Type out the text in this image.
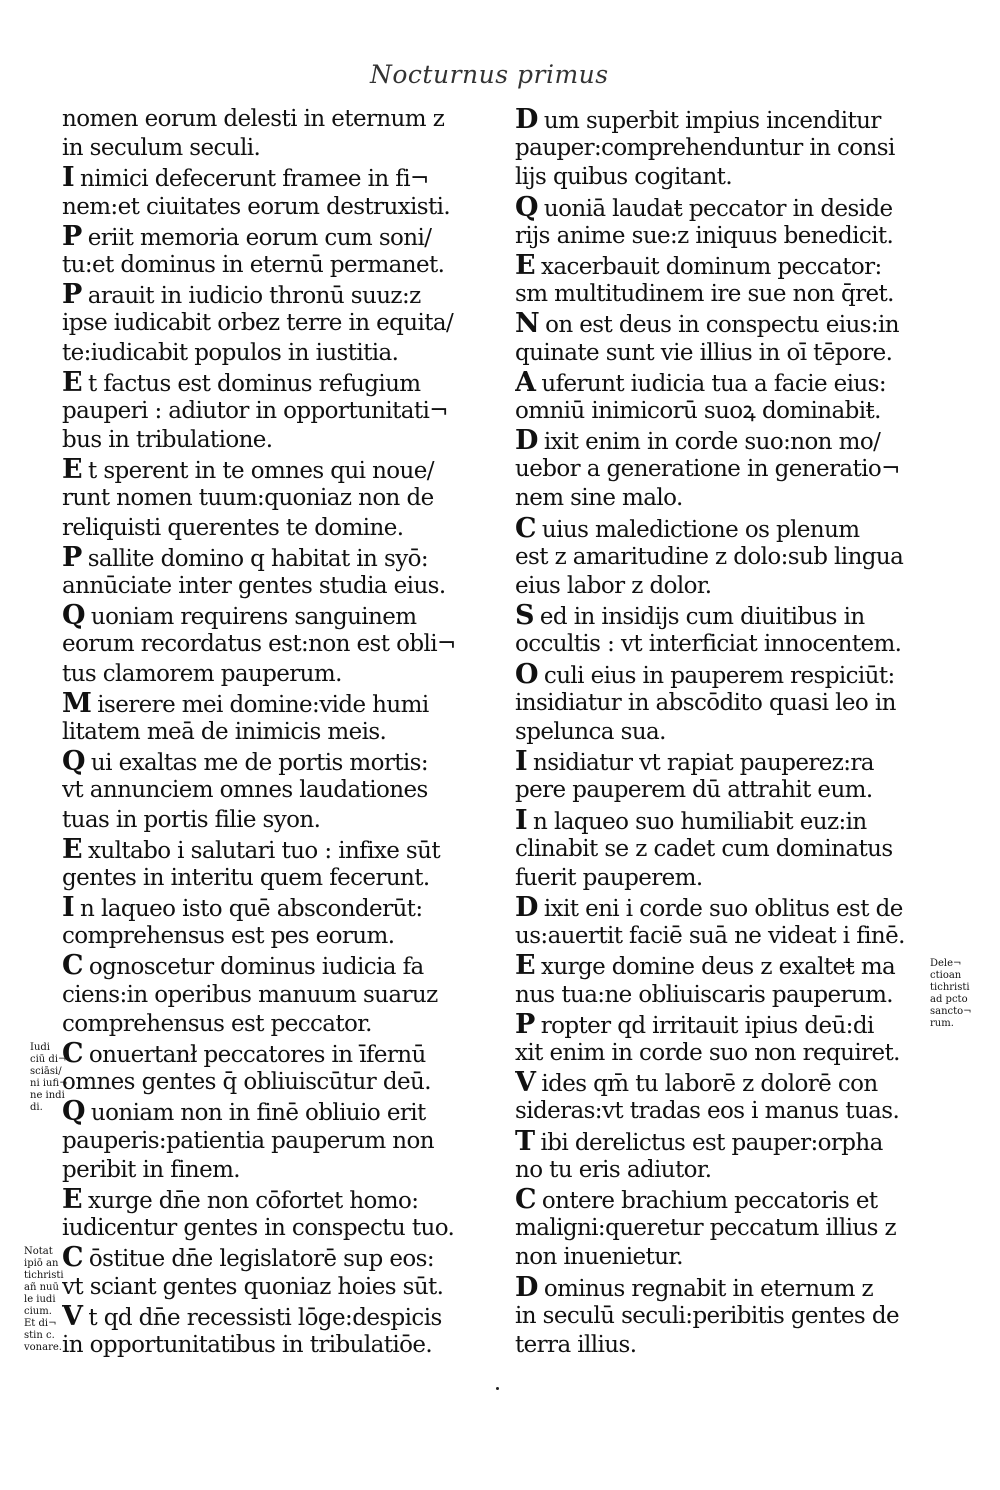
Nocturnus primus
nomen eorum delesti in eternum z
in seculum seculi.
I nimici defecerunt framee in fi¬
nem:et ciuitates eorum destruxisti.
P eriit memoria eorum cum soni/
tu:et dominus in eternū permanet.
P arauit in iudicio thronū suuz:z
ipse iudicabit orbez terre in equita/
te:iudicabit populos in iustitia.
E t factus est dominus refugium
pauperi : adiutor in opportunitati¬
bus in tribulatione.
E t sperent in te omnes qui noue/
runt nomen tuum:quoniaz non de
reliquisti querentes te domine.
P sallite domino q habitat in syō:
annūciate inter gentes studia eius.
Q uoniam requirens sanguinem
eorum recordatus est:non est obli¬
tus clamorem pauperum.
M iserere mei domine:vide humi
litatem meā de inimicis meis.
Q ui exaltas me de portis mortis:
vt annunciem omnes laudationes
tuas in portis filie syon.
E xultabo i salutari tuo : infixe sūt
gentes in interitu quem fecerunt.
I n laqueo isto quē absconderūt:
comprehensus est pes eorum.
C ognoscetur dominus iudicia fa
ciens:in operibus manuum suaruz
comprehensus est peccator.
C onuertanł peccatores in īfernū
omnes gentes q̄ obliuiscūtur deū.
Q uoniam non in finē obliuio erit
pauperis:patientia pauperum non
peribit in finem.
E xurge dn̄e non cōfortet homo:
iudicentur gentes in conspectu tuo.
C ōstitue dn̄e legislatorē sup eos:
vt sciant gentes quoniaz hoies sūt.
V t qd dn̄e recessisti lōge:despicis
in opportunitatibus in tribulatiōe.
D um superbit impius incenditur
pauper:comprehenduntur in consi
lijs quibus cogitant.
Q uoniā laudaŧ peccator in deside
rijs anime sue:z iniquus benedicit.
E xacerbauit dominum peccator:
sm multitudinem ire sue non q̄ret.
N on est deus in conspectu eius:in
quinate sunt vie illius in oī tēpore.
A uferunt iudicia tua a facie eius:
omniū inimicorū suoꝝ dominabiŧ.
D ixit enim in corde suo:non mo/
uebor a generatione in generatio¬
nem sine malo.
C uius maledictione os plenum
est z amaritudine z dolo:sub lingua
eius labor z dolor.
S ed in insidijs cum diuitibus in
occultis : vt interficiat innocentem.
O culi eius in pauperem respiciūt:
insidiatur in abscōdito quasi leo in
spelunca sua.
I nsidiatur vt rapiat pauperez:ra
pere pauperem dū attrahit eum.
I n laqueo suo humiliabit euz:in
clinabit se z cadet cum dominatus
fuerit pauperem.
D ixit eni i corde suo oblitus est de
us:auertit faciē suā ne videat i finē.
E xurge domine deus z exalteŧ ma
nus tua:ne obliuiscaris pauperum.
P ropter qd irritauit ipius deū:di
xit enim in corde suo non requiret.
V ides qm̄ tu laborē z dolorē con
sideras:vt tradas eos i manus tuas.
T ibi derelictus est pauper:orpha
no tu eris adiutor.
C ontere brachium peccatoris et
maligni:queretur peccatum illius z
non inuenietur.
D ominus regnabit in eternum z
in seculū seculi:peribitis gentes de
terra illius.
Iudi
ciū di¬
sciāsi/
ni iufi¬
ne indi
di.
Notat
ipiō an
tichristi
añ nuū
le iudi
cium.
Et di¬
stin c.
vonare.
Dele¬
ctioan
tichristi
ad pcto
sancto¬
rum.
